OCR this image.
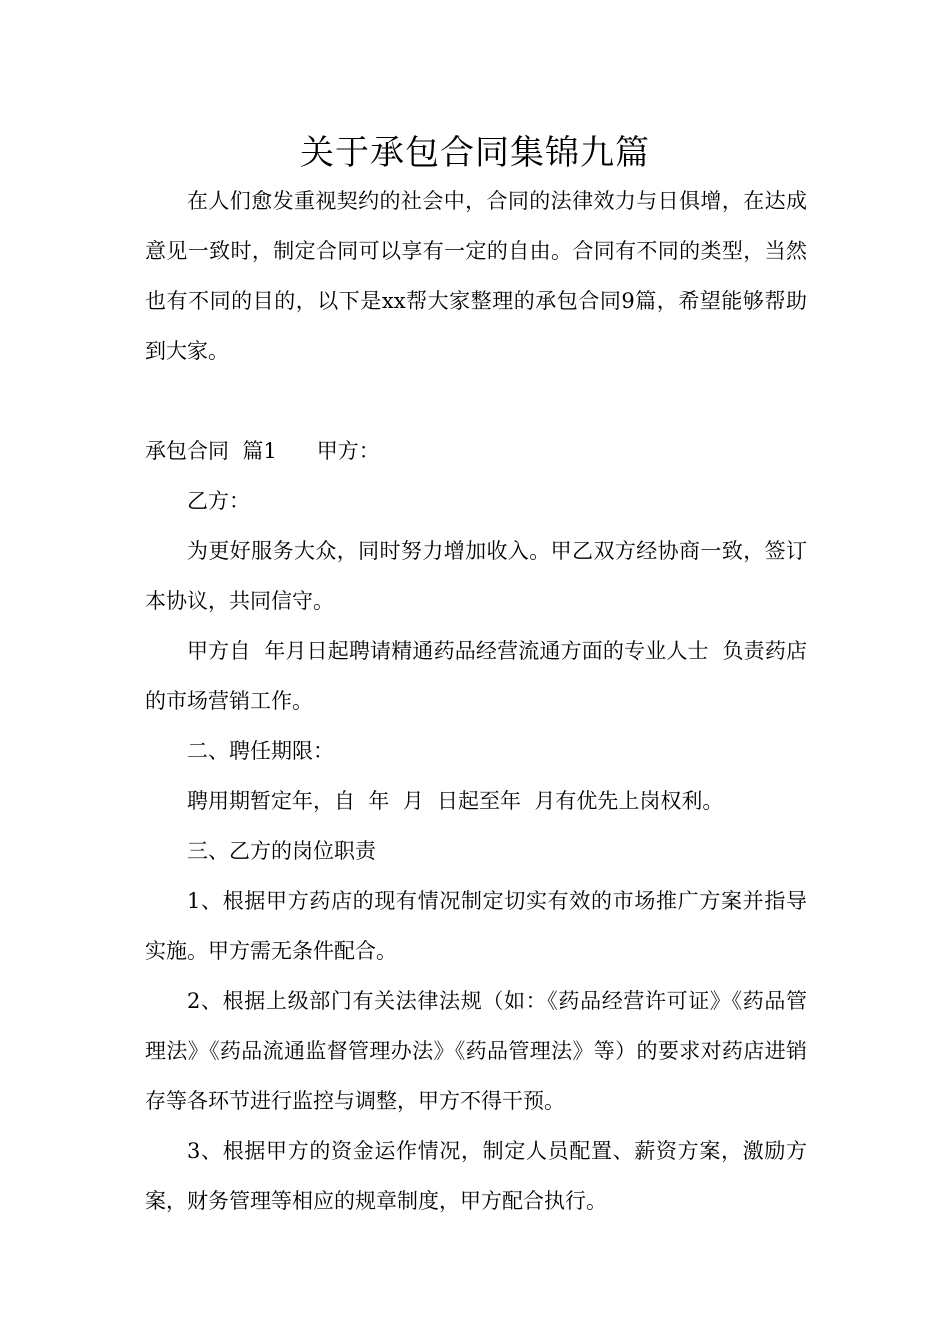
关于承包合同集锦九篇

在人们愈发重视契约的社会中，合同的法律效力与日俱增，在达成意见一致时，制定合同可以享有一定的自由。合同有不同的类型，当然也有不同的目的，以下是xx帮大家整理的承包合同9篇，希望能够帮助到大家。

承包合同  篇1      甲方：

乙方：

为更好服务大众，同时努力增加收入。甲乙双方经协商一致，签订本协议，共同信守。

甲方自  年月日起聘请精通药品经营流通方面的专业人士  负责药店的市场营销工作。

二、聘任期限：

聘用期暂定年，自  年  月  日起至年  月有优先上岗权利。

三、乙方的岗位职责

1、根据甲方药店的现有情况制定切实有效的市场推广方案并指导实施。甲方需无条件配合。

2、根据上级部门有关法律法规（如：《药品经营许可证》《药品管理法》《药品流通监督管理办法》《药品管理法》等）的要求对药店进销存等各环节进行监控与调整，甲方不得干预。

3、根据甲方的资金运作情况，制定人员配置、薪资方案，激励方案，财务管理等相应的规章制度，甲方配合执行。
